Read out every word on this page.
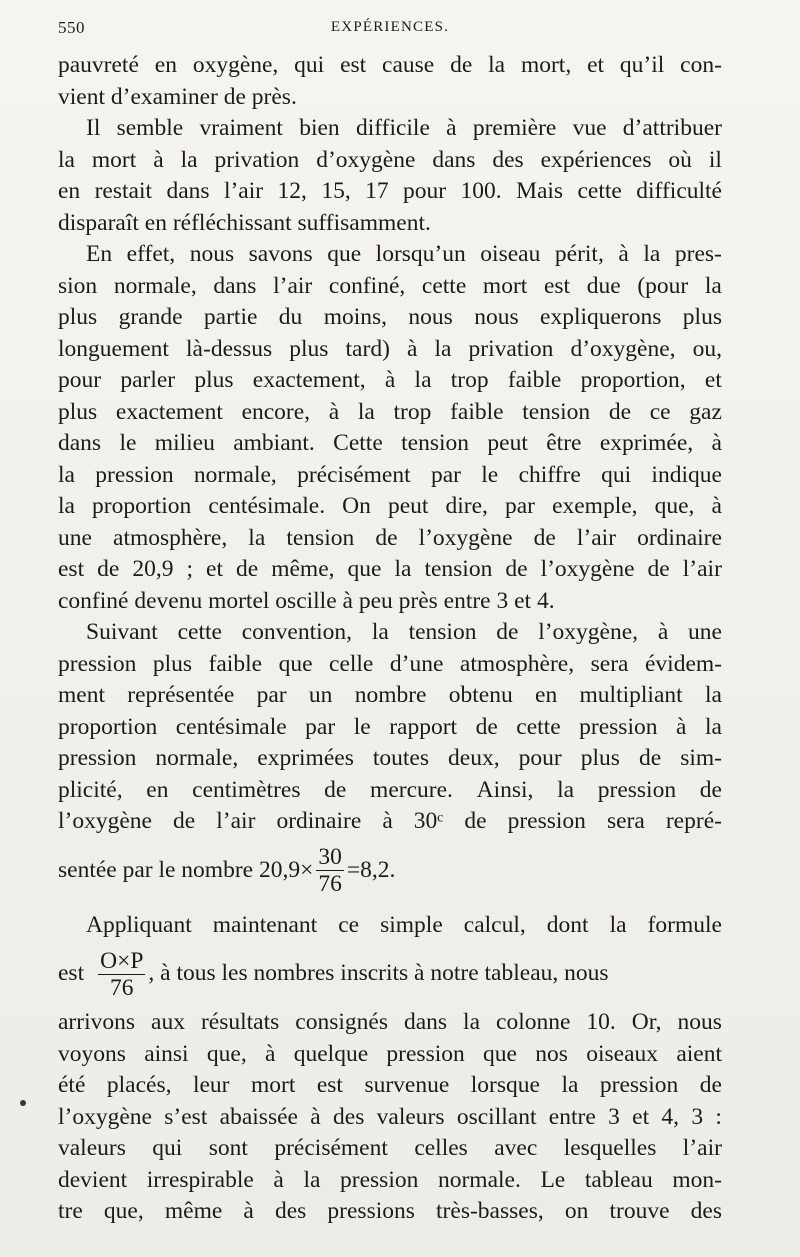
550	EXPÉRIENCES.
pauvreté en oxygène, qui est cause de la mort, et qu’il con-
vient d’examiner de près.
Il semble vraiment bien difficile à première vue d’attribuer
la mort à la privation d’oxygène dans des expériences où il
en restait dans l’air 12, 15, 17 pour 100. Mais cette difficulté
disparaît en réfléchissant suffisamment.
En effet, nous savons que lorsqu’un oiseau périt, à la pres-
sion normale, dans l’air confiné, cette mort est due (pour la
plus grande partie du moins, nous nous expliquerons plus
longuement là-dessus plus tard) à la privation d’oxygène, ou,
pour parler plus exactement, à la trop faible proportion, et
plus exactement encore, à la trop faible tension de ce gaz
dans le milieu ambiant. Cette tension peut être exprimée, à
la pression normale, précisément par le chiffre qui indique
la proportion centésimale. On peut dire, par exemple, que, à
une atmosphère, la tension de l’oxygène de l’air ordinaire
est de 20,9 ; et de même, que la tension de l’oxygène de l’air
confiné devenu mortel oscille à peu près entre 3 et 4.
Suivant cette convention, la tension de l’oxygène, à une
pression plus faible que celle d’une atmosphère, sera évidem-
ment représentée par un nombre obtenu en multipliant la
proportion centésimale par le rapport de cette pression à la
pression normale, exprimées toutes deux, pour plus de sim-
plicité, en centimètres de mercure. Ainsi, la pression de
l’oxygène de l’air ordinaire à 30ᶜ de pression sera repré-
sentée par le nombre $20,9\times \frac{30}{76} =8,2$.
Appliquant maintenant ce simple calcul, dont la formule
est $\frac{O\times P}{76}$ , à tous les nombres inscrits à notre tableau, nous
arrivons aux résultats consignés dans la colonne 10. Or, nous
voyons ainsi que, à quelque pression que nos oiseaux aient
été placés, leur mort est survenue lorsque la pression de
l’oxygène s’est abaissée à des valeurs oscillant entre 3 et 4, 3 :
valeurs qui sont précisément celles avec lesquelles l’air
devient irrespirable à la pression normale. Le tableau mon-
tre que, même à des pressions très-basses, on trouve des
